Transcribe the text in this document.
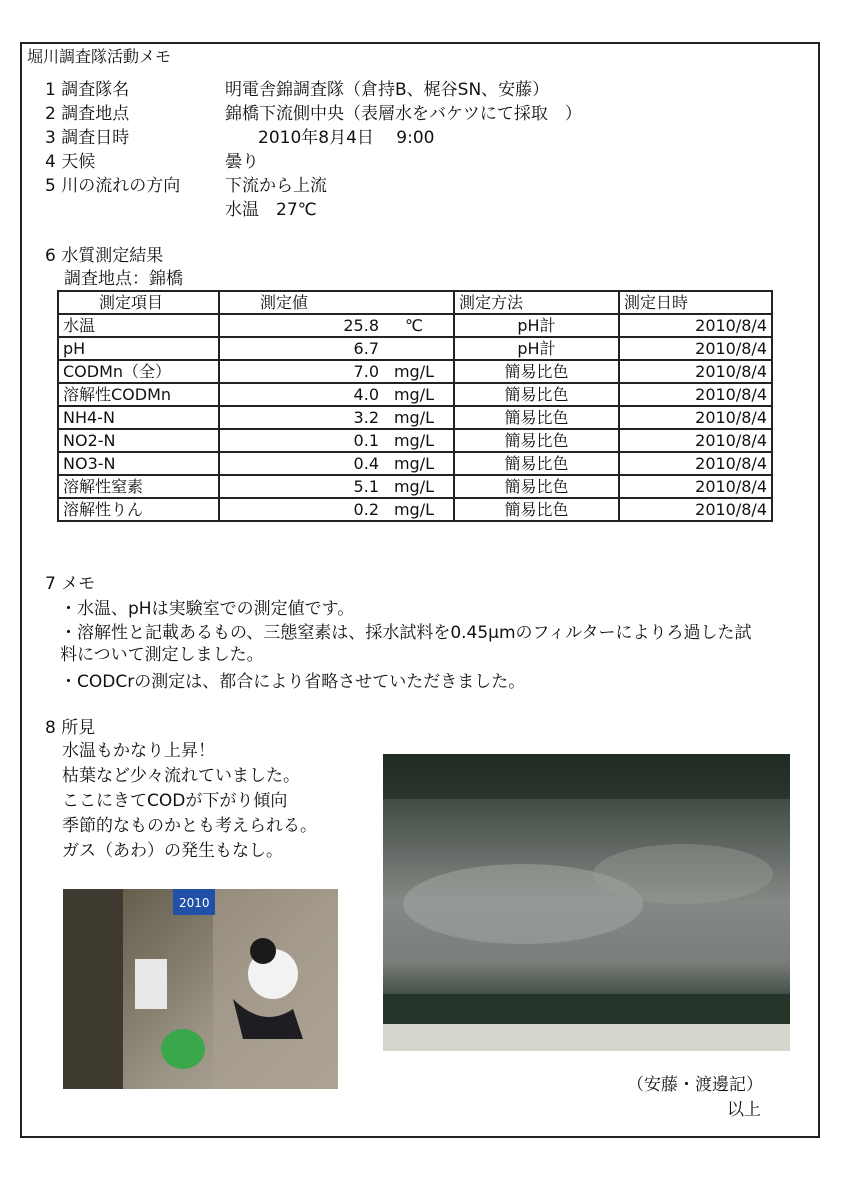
堀川調査隊活動メモ
1 調査隊名	明電舎錦調査隊（倉持B、梶谷SN、安藤）
2 調査地点	錦橋下流側中央（表層水をバケツにて採取　）
3 調査日時	2010年8月4日　 9:00
4 天候	曇り
5 川の流れの方向	下流から上流
水温　27℃
6 水質測定結果
調査地点：錦橋
測定項目	測定値	測定方法	測定日時
水温	25.8 ℃	pH計	2010/8/4
pH	6.7	pH計	2010/8/4
CODMn（全）	7.0 mg/L	簡易比色	2010/8/4
溶解性CODMn	4.0 mg/L	簡易比色	2010/8/4
NH4-N	3.2 mg/L	簡易比色	2010/8/4
NO2-N	0.1 mg/L	簡易比色	2010/8/4
NO3-N	0.4 mg/L	簡易比色	2010/8/4
溶解性窒素	5.1 mg/L	簡易比色	2010/8/4
溶解性りん	0.2 mg/L	簡易比色	2010/8/4
7 メモ
・水温、pHは実験室での測定値です。
・溶解性と記載あるもの、三態窒素は、採水試料を0.45μmのフィルターによりろ過した試料について測定しました。
・CODCrの測定は、都合により省略させていただきました。
8 所見
水温もかなり上昇！
枯葉など少々流れていました。
ここにきてCODが下がり傾向
季節的なものかとも考えられる。
ガス（あわ）の発生もなし。
2010
（安藤・渡邊記）
以上
